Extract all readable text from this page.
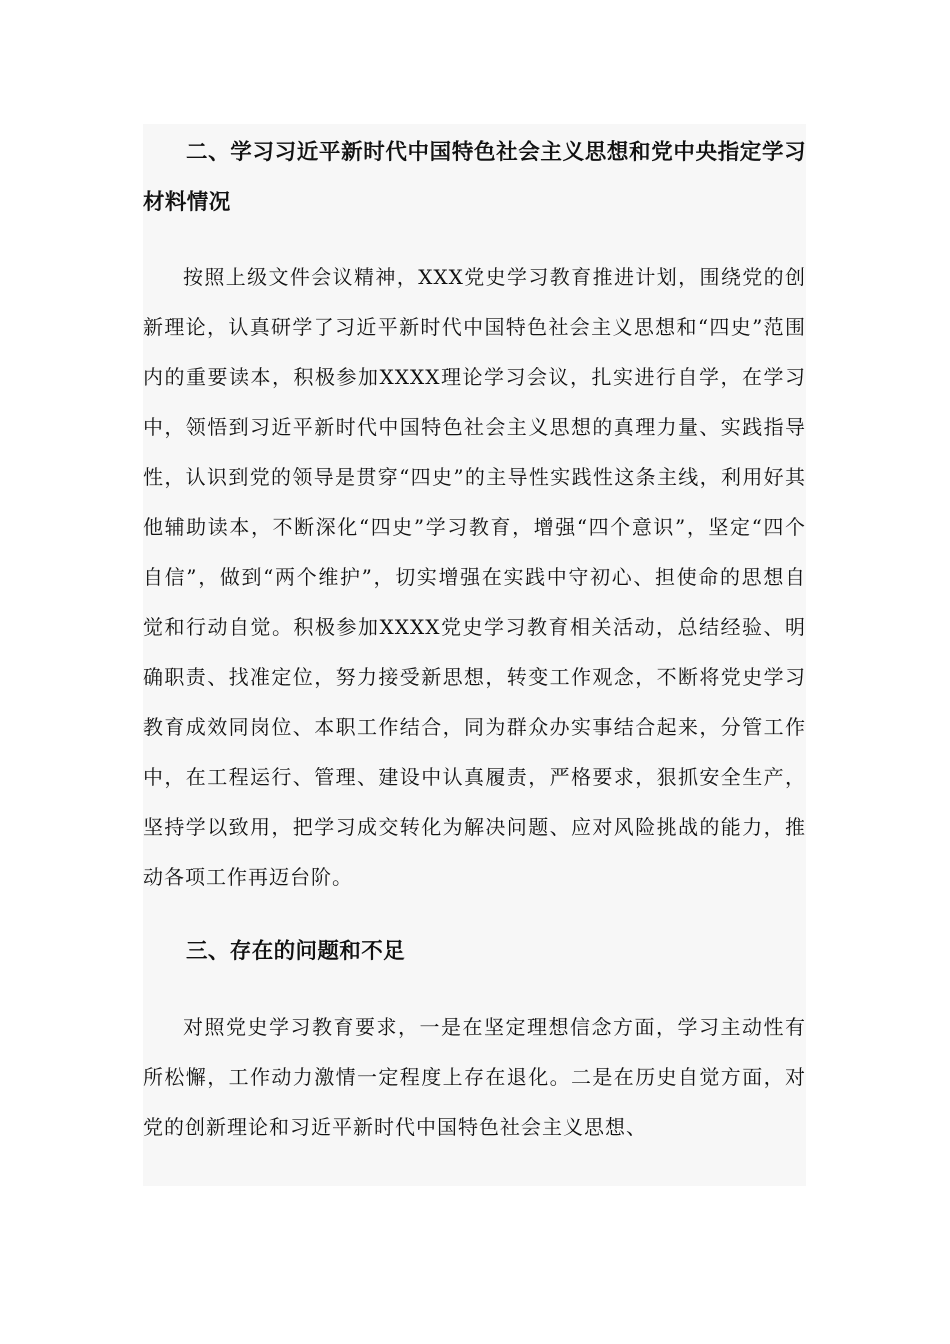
二、学习习近平新时代中国特色社会主义思想和党中央指定学习材料情况

按照上级文件会议精神，XXX党史学习教育推进计划，围绕党的创新理论，认真研学了习近平新时代中国特色社会主义思想和“四史”范围内的重要读本，积极参加XXXX理论学习会议，扎实进行自学，在学习中，领悟到习近平新时代中国特色社会主义思想的真理力量、实践指导性，认识到党的领导是贯穿“四史”的主导性实践性这条主线，利用好其他辅助读本，不断深化“四史”学习教育，增强“四个意识”，坚定“四个自信”，做到“两个维护”，切实增强在实践中守初心、担使命的思想自觉和行动自觉。积极参加XXXX党史学习教育相关活动，总结经验、明确职责、找准定位，努力接受新思想，转变工作观念，不断将党史学习教育成效同岗位、本职工作结合，同为群众办实事结合起来，分管工作中，在工程运行、管理、建设中认真履责，严格要求，狠抓安全生产，坚持学以致用，把学习成交转化为解决问题、应对风险挑战的能力，推动各项工作再迈台阶。

三、存在的问题和不足

对照党史学习教育要求，一是在坚定理想信念方面，学习主动性有所松懈，工作动力激情一定程度上存在退化。二是在历史自觉方面，对党的创新理论和习近平新时代中国特色社会主义思想、
